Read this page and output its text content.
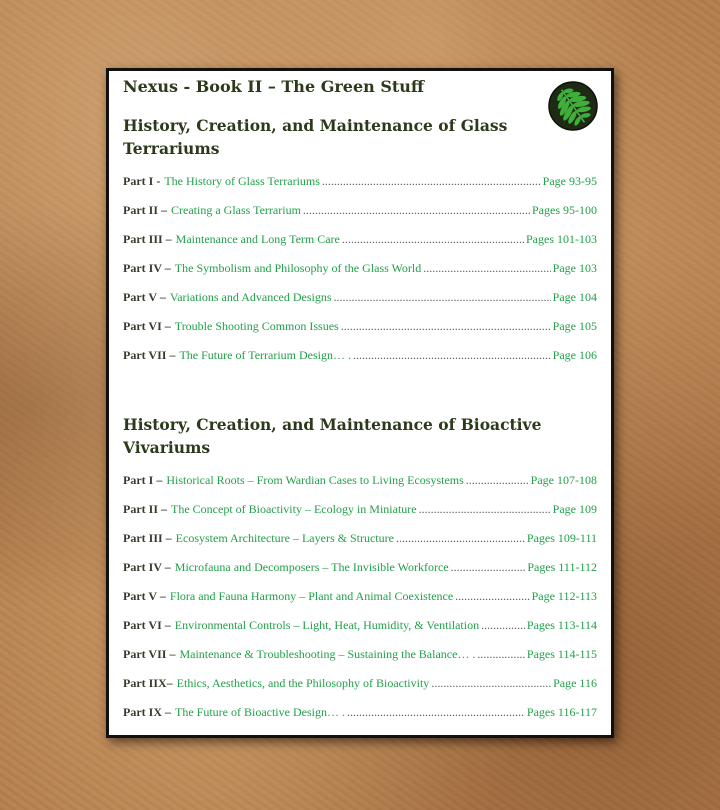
Nexus - Book II – The Green Stuff
History, Creation, and Maintenance of Glass Terrariums
Part I - The History of Glass Terrariums .....	Page 93-95
Part II – Creating a Glass Terrarium .....	Pages 95-100
Part III – Maintenance and Long Term Care .....	Pages 101-103
Part IV – The Symbolism and Philosophy of the Glass World .....	Page 103
Part V – Variations and Advanced Designs .....	Page 104
Part VI – Trouble Shooting Common Issues .....	Page 105
Part VII – The Future of Terrarium Design… . .....	Page 106
History, Creation, and Maintenance of Bioactive Vivariums
Part I – Historical Roots – From Wardian Cases to Living Ecosystems .....	Page 107-108
Part II – The Concept of Bioactivity – Ecology in Miniature .....	Page 109
Part III – Ecosystem Architecture – Layers & Structure .....	Pages 109-111
Part IV – Microfauna and Decomposers – The Invisible Workforce .....	Pages 111-112
Part V – Flora and Fauna Harmony – Plant and Animal Coexistence .....	Page 112-113
Part VI – Environmental Controls – Light, Heat, Humidity, & Ventilation .....	Pages 113-114
Part VII – Maintenance & Troubleshooting – Sustaining the Balance… . .....	Pages 114-115
Part IIX– Ethics, Aesthetics, and the Philosophy of Bioactivity .....	Page 116
Part IX – The Future of Bioactive Design… . .....	Pages 116-117
